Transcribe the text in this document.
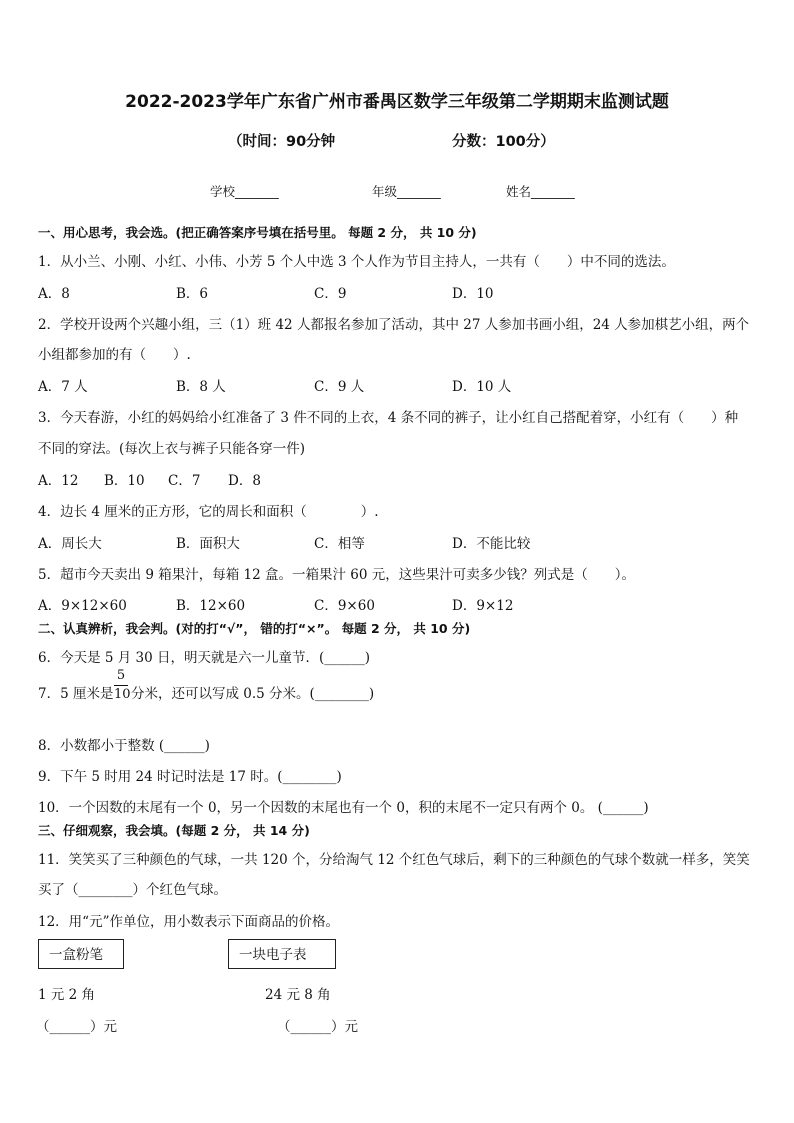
2022-2023学年广东省广州市番禺区数学三年级第二学期期末监测试题
（时间：90分钟	分数：100分）
学校_______	年级_______	姓名_______
一、用心思考，我会选。(把正确答案序号填在括号里。 每题 2 分， 共 10 分)
1．从小兰、小刚、小红、小伟、小芳 5 个人中选 3 个人作为节目主持人，一共有（　　）中不同的选法。
A．8	B．6	C．9	D．10
2．学校开设两个兴趣小组，三（1）班 42 人都报名参加了活动，其中 27 人参加书画小组，24 人参加棋艺小组，两个
小组都参加的有（　　）.
A．7 人	B．8 人	C．9 人	D．10 人
3．今天春游，小红的妈妈给小红准备了 3 件不同的上衣，4 条不同的裤子，让小红自己搭配着穿，小红有（　　）种
不同的穿法。(每次上衣与裤子只能各穿一件)
A．12 B．10 C．7 D．8
4．边长 4 厘米的正方形，它的周长和面积（　　　　）.
A．周长大	B．面积大	C．相等	D．不能比较
5．超市今天卖出 9 箱果汁，每箱 12 盒。一箱果汁 60 元，这些果汁可卖多少钱？列式是（　　）。
A．9×12×60	B．12×60	C．9×60	D．9×12
二、认真辨析，我会判。(对的打“√”， 错的打“×”。 每题 2 分， 共 10 分)
6．今天是 5 月 30 日，明天就是六一儿童节．(______)
7．5 厘米是
5
10 分米，还可以写成 0.5 分米。(________)
8．小数都小于整数 (______)
9．下午 5 时用 24 时记时法是 17 时。(________)
10．一个因数的末尾有一个 0，另一个因数的末尾也有一个 0，积的末尾不一定只有两个 0。 (______)
三、仔细观察，我会填。(每题 2 分， 共 14 分)
11．笑笑买了三种颜色的气球，一共 120 个，分给淘气 12 个红色气球后，剩下的三种颜色的气球个数就一样多，笑笑
买了（________）个红色气球。
12．用“元”作单位，用小数表示下面商品的价格。
一盒粉笔	一块电子表
1 元 2 角	24 元 8 角
（______）元	（______）元
